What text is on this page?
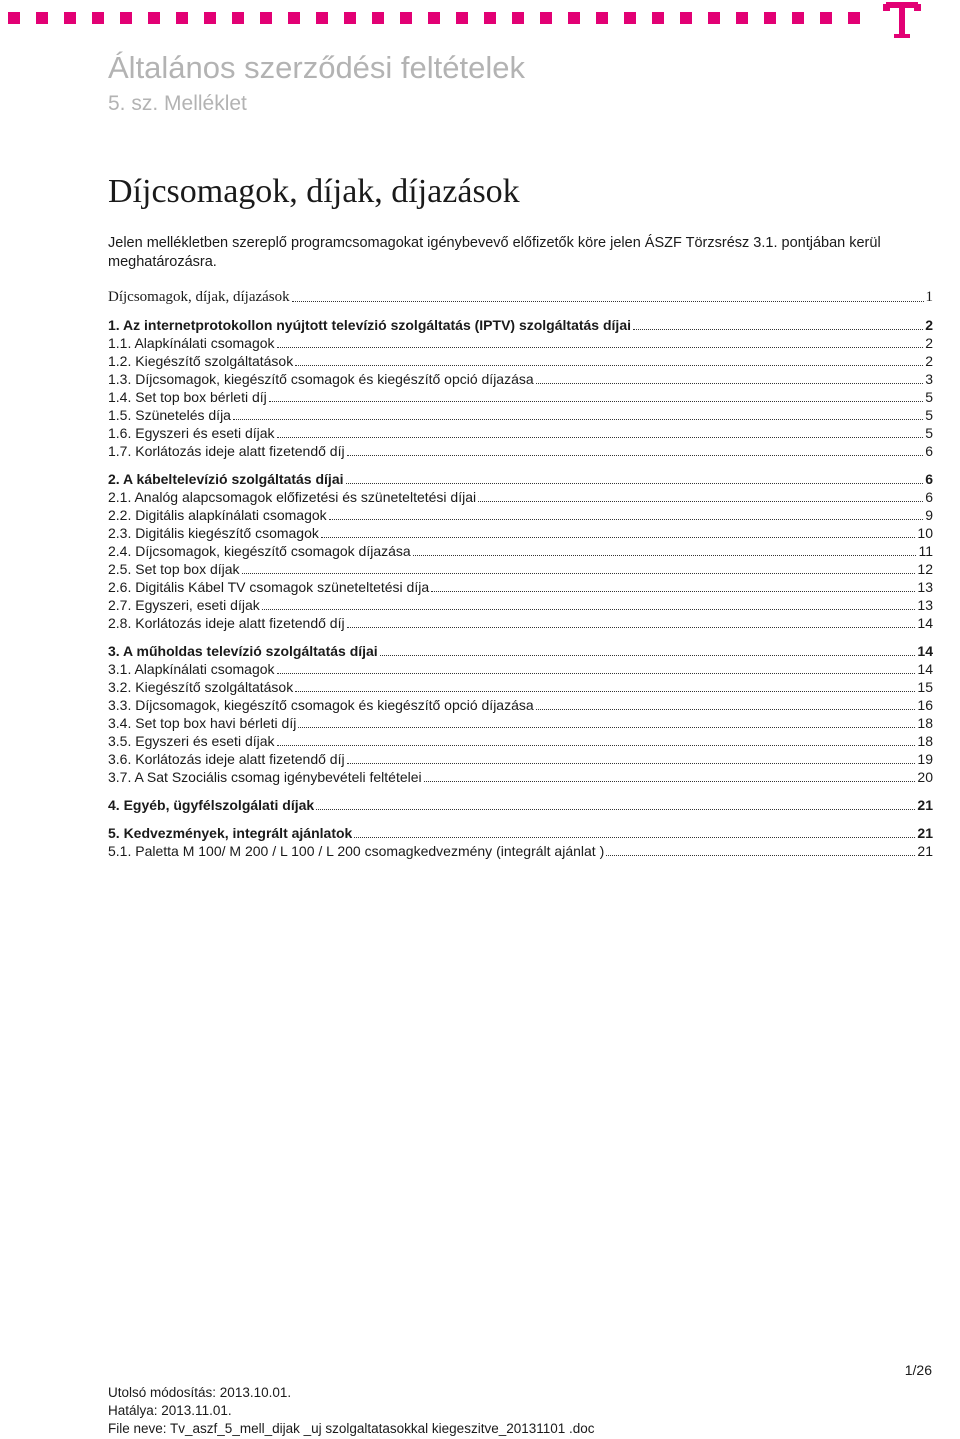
Általános szerződési feltételek
5. sz. Melléklet
Díjcsomagok, díjak, díjazások

Jelen mellékletben szereplő programcsomagokat igénybevevő előfizetők köre jelen ÁSZF Törzsrész 3.1. pontjában kerül meghatározásra.

Díjcsomagok, díjak, díjazások	1
1. Az internetprotokollon nyújtott televízió szolgáltatás (IPTV) szolgáltatás díjai	2
1.1. Alapkínálati csomagok	2
1.2. Kiegészítő szolgáltatások	2
1.3. Díjcsomagok, kiegészítő csomagok és kiegészítő opció díjazása	3
1.4. Set top box bérleti díj	5
1.5. Szünetelés díja	5
1.6. Egyszeri és eseti díjak	5
1.7. Korlátozás ideje alatt fizetendő díj	6
2. A kábeltelevízió szolgáltatás díjai	6
2.1. Analóg alapcsomagok előfizetési és szüneteltetési díjai	6
2.2. Digitális alapkínálati csomagok	9
2.3. Digitális kiegészítő csomagok	10
2.4. Díjcsomagok, kiegészítő csomagok díjazása	11
2.5. Set top box díjak	12
2.6. Digitális Kábel TV csomagok szüneteltetési díja	13
2.7. Egyszeri, eseti díjak	13
2.8. Korlátozás ideje alatt fizetendő díj	14
3. A műholdas televízió szolgáltatás díjai	14
3.1. Alapkínálati csomagok	14
3.2. Kiegészítő szolgáltatások	15
3.3. Díjcsomagok, kiegészítő csomagok és kiegészítő opció díjazása	16
3.4. Set top box havi bérleti díj	18
3.5. Egyszeri és eseti díjak	18
3.6. Korlátozás ideje alatt fizetendő díj	19
3.7. A Sat Szociális csomag igénybevételi feltételei	20
4. Egyéb, ügyfélszolgálati díjak	21
5. Kedvezmények, integrált ajánlatok	21
5.1. Paletta M 100/ M 200 / L 100 / L 200 csomagkedvezmény (integrált ajánlat )	21
1/26
Utolsó módosítás: 2013.10.01.
Hatálya: 2013.11.01.
File neve: Tv_aszf_5_mell_dijak _uj szolgaltatasokkal kiegeszitve_20131101 .doc
